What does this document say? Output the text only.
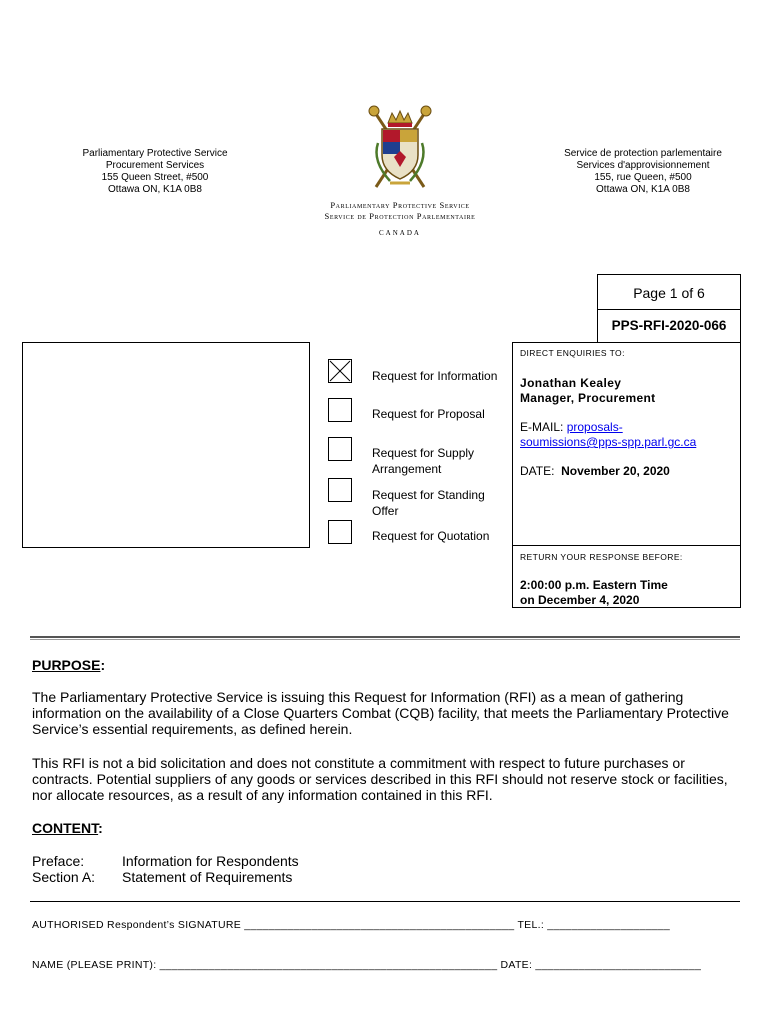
Parliamentary Protective Service
Procurement Services
155 Queen Street, #500
Ottawa ON, K1A 0B8
Parliamentary Protective Service
Service de Protection Parlementaire
CANADA
Service de protection parlementaire
Services d'approvisionnement
155, rue Queen, #500
Ottawa ON, K1A 0B8
Page 1 of 6
PPS-RFI-2020-066
Request for Information
Request for Proposal
Request for Supply Arrangement
Request for Standing Offer
Request for Quotation
DIRECT ENQUIRIES TO:
Jonathan Kealey
Manager, Procurement
E-MAIL: proposals-
soumissions@pps-spp.parl.gc.ca
DATE: November 20, 2020
RETURN YOUR RESPONSE BEFORE:
2:00:00 p.m. Eastern Time
on December 4, 2020
PURPOSE:
The Parliamentary Protective Service is issuing this Request for Information (RFI) as a mean of gathering information on the availability of a Close Quarters Combat (CQB) facility, that meets the Parliamentary Protective Service’s essential requirements, as defined herein.
This RFI is not a bid solicitation and does not constitute a commitment with respect to future purchases or contracts. Potential suppliers of any goods or services described in this RFI should not reserve stock or facilities, nor allocate resources, as a result of any information contained in this RFI.
CONTENT:
Preface:	Information for Respondents
Section A: Statement of Requirements
AUTHORISED Respondent’s SIGNATURE ____________________________________________ TEL.: ____________________
NAME (PLEASE PRINT): _______________________________________________________ DATE: ___________________________
